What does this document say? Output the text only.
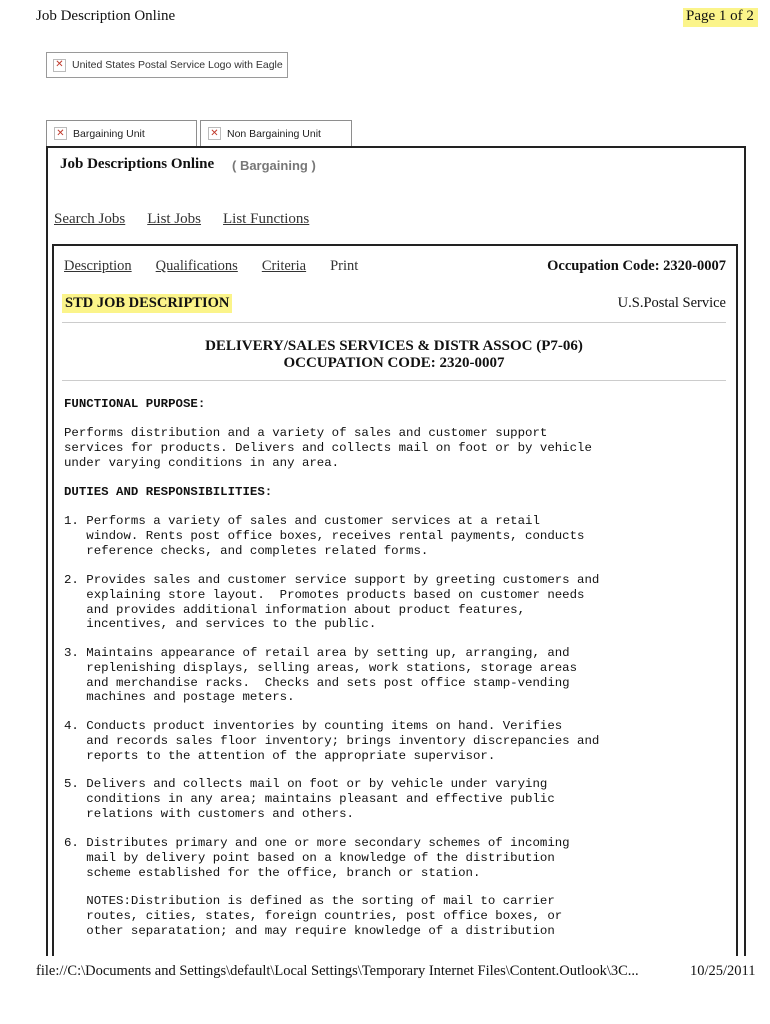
Job Description Online	Page 1 of 2
✕ United States Postal Service Logo with Eagle
✕ Bargaining Unit	✕ Non Bargaining Unit
Job Descriptions Online ( Bargaining )
Search Jobs List Jobs List Functions
Description Qualifications Criteria Print	Occupation Code: 2320-0007
STD JOB DESCRIPTION	U.S.Postal Service
DELIVERY/SALES SERVICES & DISTR ASSOC (P7-06)
OCCUPATION CODE: 2320-0007
FUNCTIONAL PURPOSE:
Performs distribution and a variety of sales and customer support
services for products. Delivers and collects mail on foot or by vehicle
under varying conditions in any area.
DUTIES AND RESPONSIBILITIES:
1. Performs a variety of sales and customer services at a retail
window. Rents post office boxes, receives rental payments, conducts
reference checks, and completes related forms.
2. Provides sales and customer service support by greeting customers and
explaining store layout.  Promotes products based on customer needs
and provides additional information about product features,
incentives, and services to the public.
3. Maintains appearance of retail area by setting up, arranging, and
replenishing displays, selling areas, work stations, storage areas
and merchandise racks.  Checks and sets post office stamp-vending
machines and postage meters.
4. Conducts product inventories by counting items on hand. Verifies
and records sales floor inventory; brings inventory discrepancies and
reports to the attention of the appropriate supervisor.
5. Delivers and collects mail on foot or by vehicle under varying
conditions in any area; maintains pleasant and effective public
relations with customers and others.
6. Distributes primary and one or more secondary schemes of incoming
mail by delivery point based on a knowledge of the distribution
scheme established for the office, branch or station.
NOTES:Distribution is defined as the sorting of mail to carrier
routes, cities, states, foreign countries, post office boxes, or
other separatation; and may require knowledge of a distribution
file://C:\Documents and Settings\default\Local Settings\Temporary Internet Files\Content.Outlook\3C...	10/25/2011
